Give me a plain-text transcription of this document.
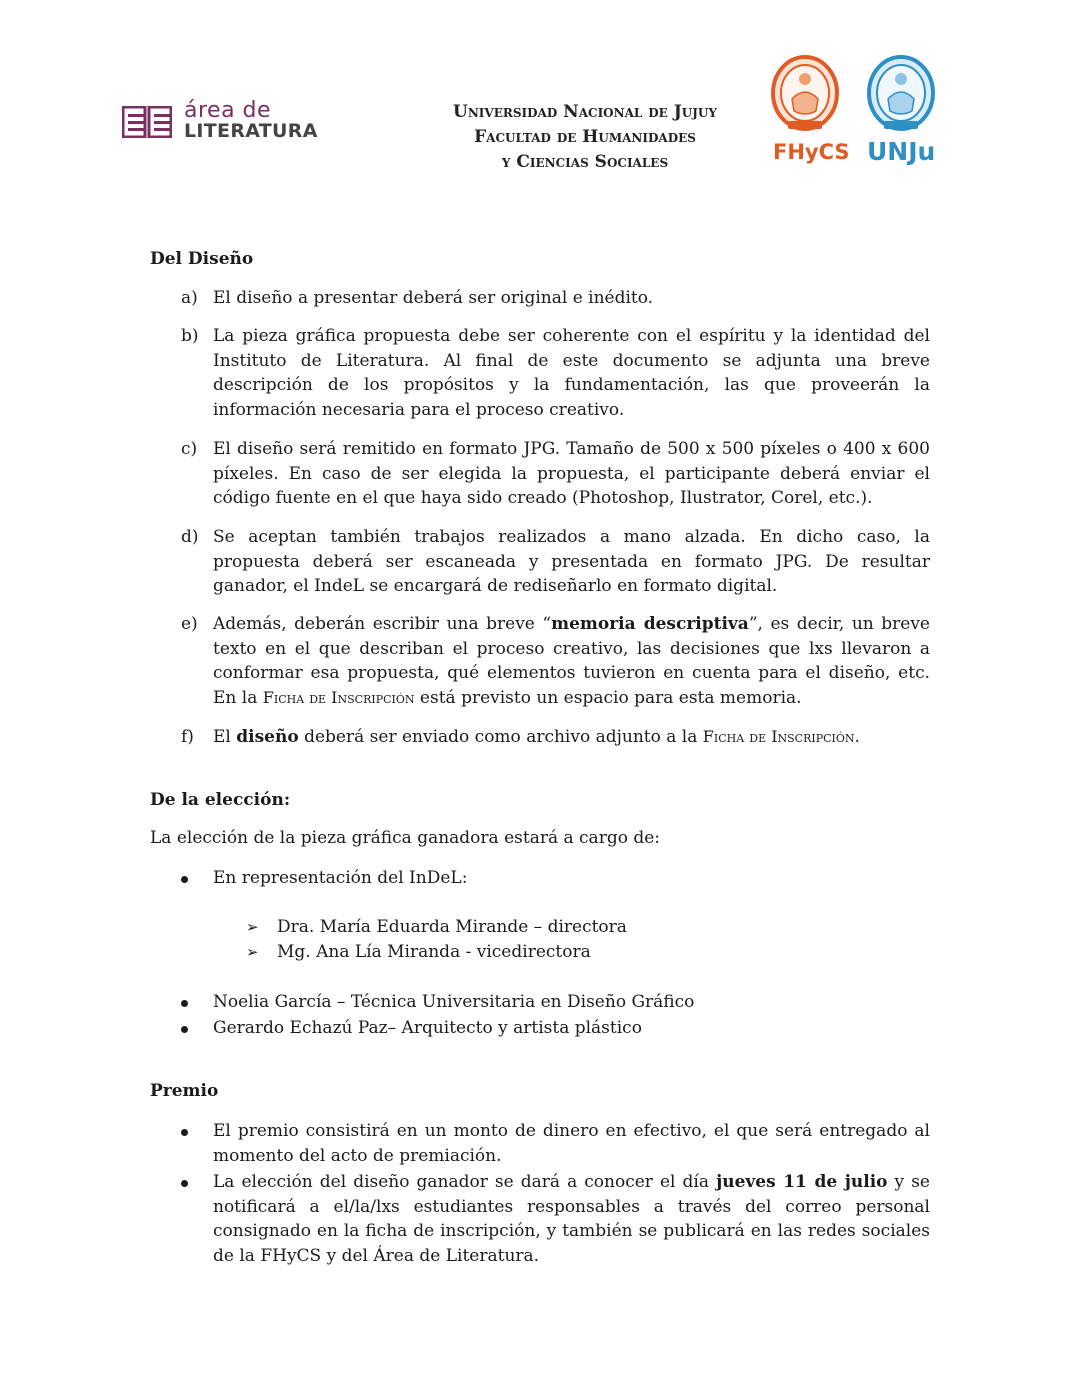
área de
LITERATURA
Universidad Nacional de Jujuy
Facultad de Humanidades
y Ciencias Sociales	FHyCS UNJu
Del Diseño
a) El diseño a presentar deberá ser original e inédito.
b) La pieza gráfica propuesta debe ser coherente con el espíritu y la identidad del Instituto de Literatura. Al final de este documento se adjunta una breve descripción de los propósitos y la fundamentación, las que proveerán la información necesaria para el proceso creativo.
c) El diseño será remitido en formato JPG. Tamaño de 500 x 500 píxeles o 400 x 600 píxeles. En caso de ser elegida la propuesta, el participante deberá enviar el código fuente en el que haya sido creado (Photoshop, Ilustrator, Corel, etc.).
d) Se aceptan también trabajos realizados a mano alzada. En dicho caso, la propuesta deberá ser escaneada y presentada en formato JPG. De resultar ganador, el IndeL se encargará de rediseñarlo en formato digital.
e) Además, deberán escribir una breve “memoria descriptiva”, es decir, un breve texto en el que describan el proceso creativo, las decisiones que lxs llevaron a conformar esa propuesta, qué elementos tuvieron en cuenta para el diseño, etc. En la Ficha de Inscripción está previsto un espacio para esta memoria.
f) El diseño deberá ser enviado como archivo adjunto a la Ficha de Inscripción.
De la elección:
La elección de la pieza gráfica ganadora estará a cargo de:
En representación del InDeL:
➢ Dra. María Eduarda Mirande – directora
➢ Mg. Ana Lía Miranda - vicedirectora
Noelia García – Técnica Universitaria en Diseño Gráfico
Gerardo Echazú Paz– Arquitecto y artista plástico
Premio
El premio consistirá en un monto de dinero en efectivo, el que será entregado al momento del acto de premiación.
La elección del diseño ganador se dará a conocer el día jueves 11 de julio y se notificará a el/la/lxs estudiantes responsables a través del correo personal consignado en la ficha de inscripción, y también se publicará en las redes sociales de la FHyCS y del Área de Literatura.
